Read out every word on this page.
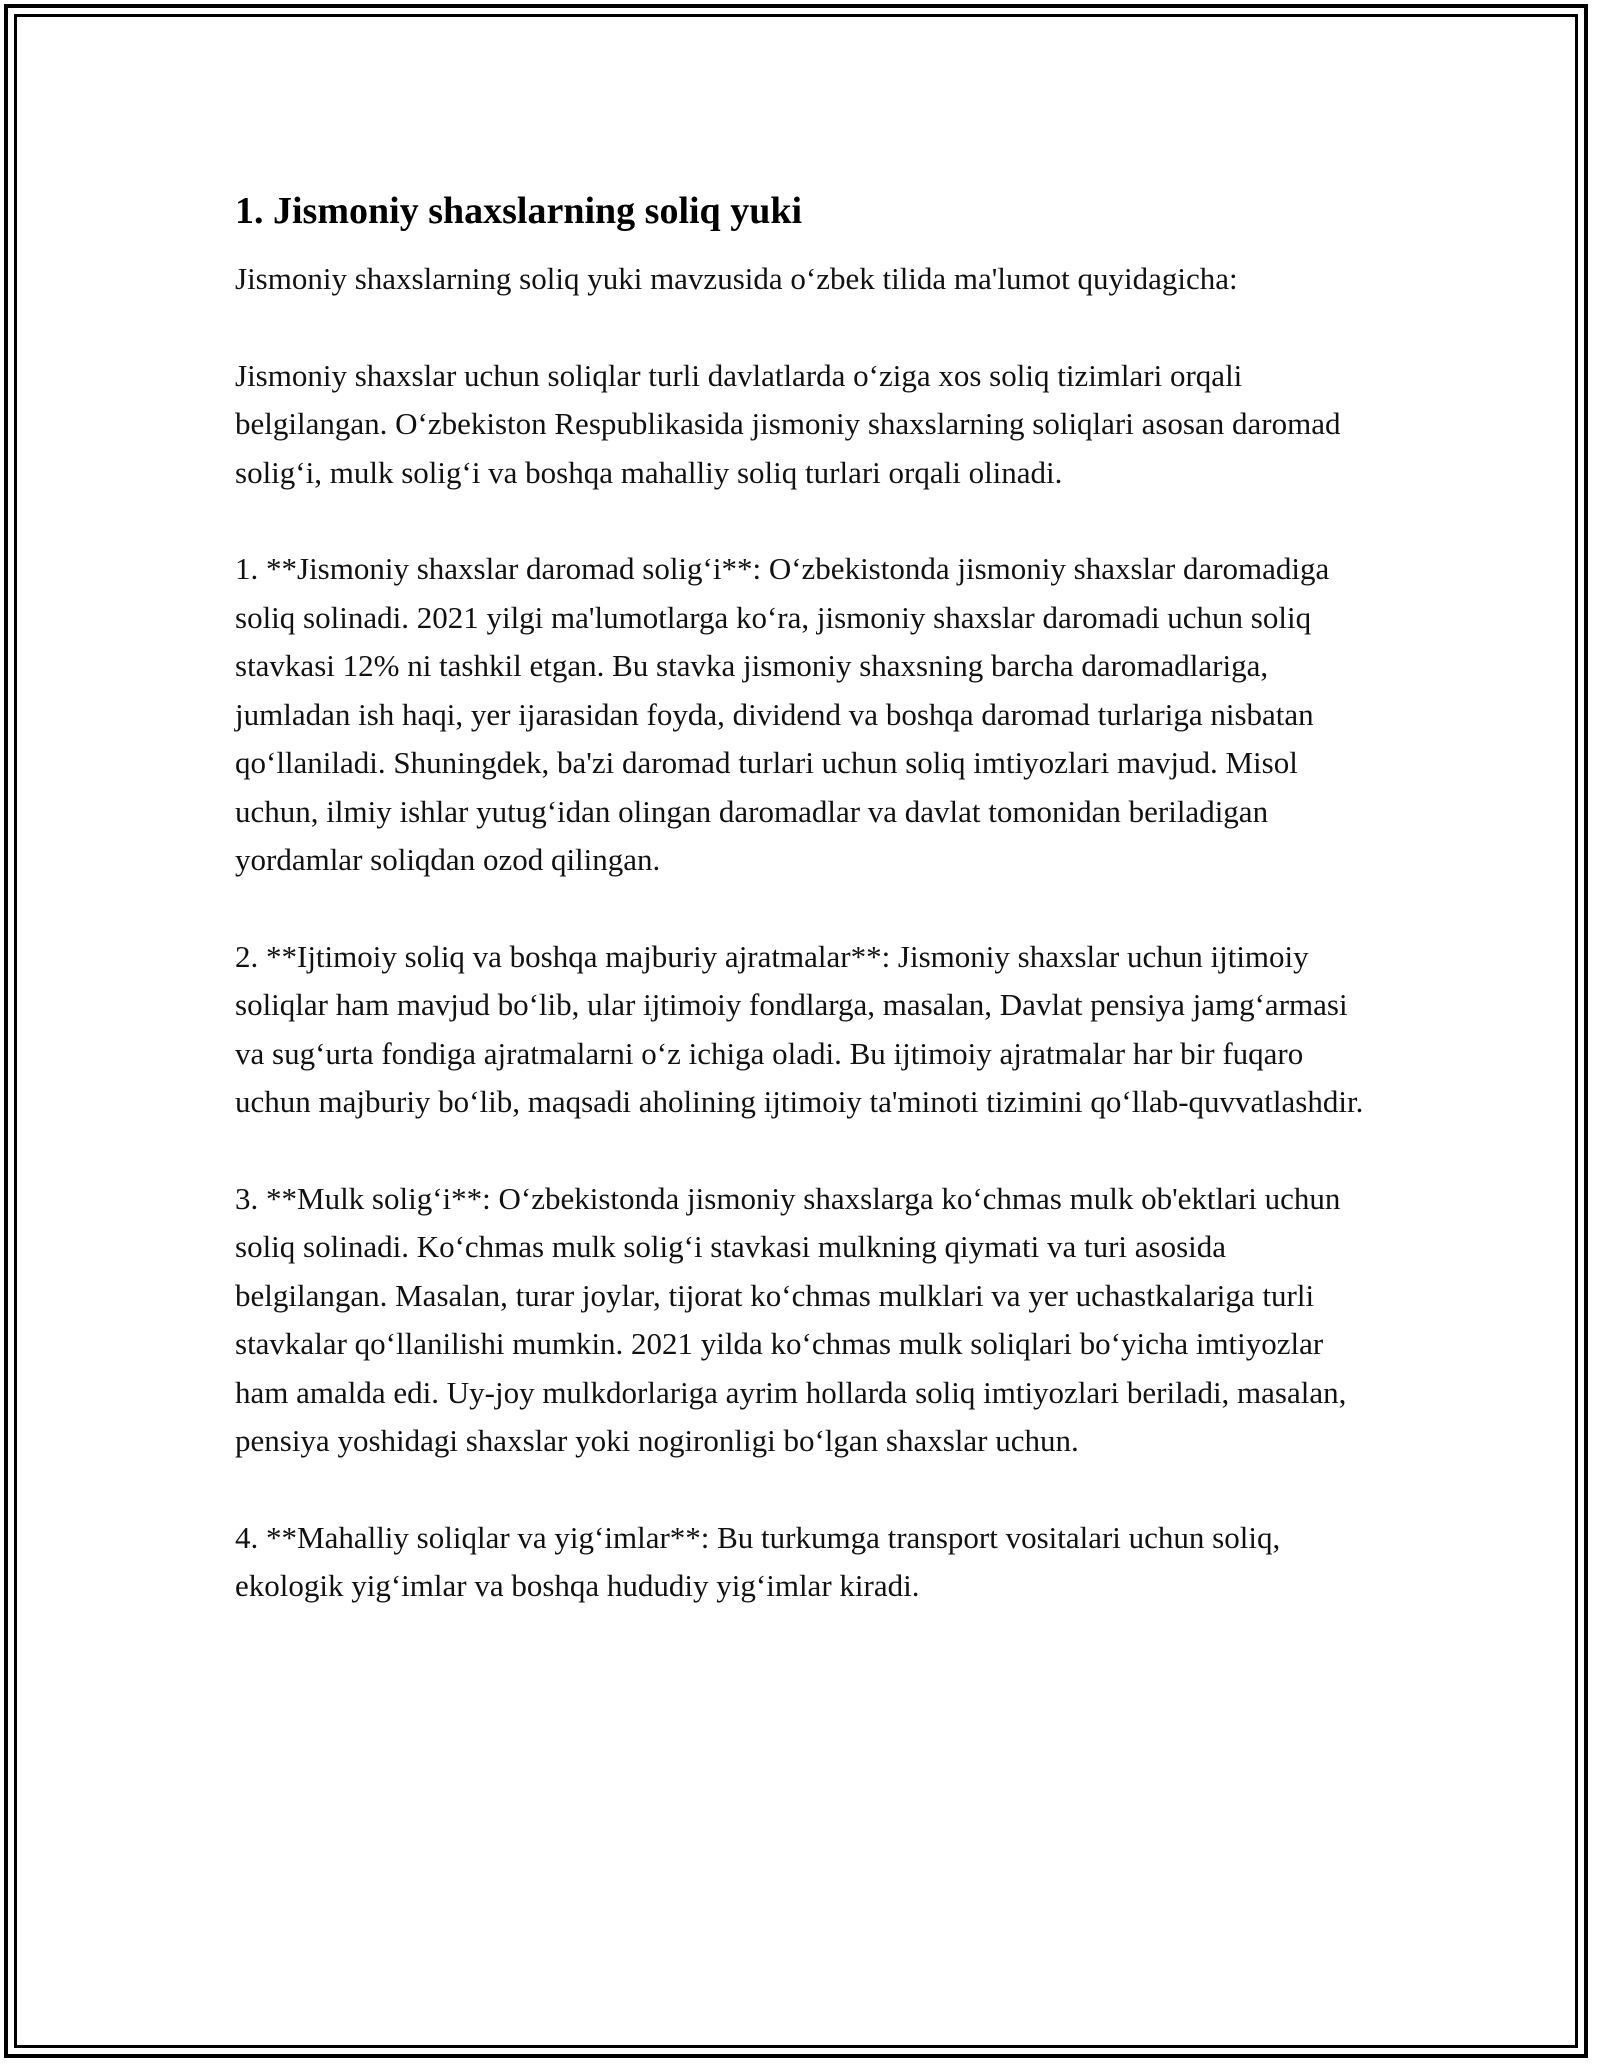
1. Jismoniy shaxslarning soliq yuki

Jismoniy shaxslarning soliq yuki mavzusida o‘zbek tilida ma'lumot quyidagicha:

Jismoniy shaxslar uchun soliqlar turli davlatlarda o‘ziga xos soliq tizimlari orqali belgilangan. O‘zbekiston Respublikasida jismoniy shaxslarning soliqlari asosan daromad solig‘i, mulk solig‘i va boshqa mahalliy soliq turlari orqali olinadi.

1. **Jismoniy shaxslar daromad solig‘i**: O‘zbekistonda jismoniy shaxslar daromadiga soliq solinadi. 2021 yilgi ma'lumotlarga ko‘ra, jismoniy shaxslar daromadi uchun soliq stavkasi 12% ni tashkil etgan. Bu stavka jismoniy shaxsning barcha daromadlariga, jumladan ish haqi, yer ijarasidan foyda, dividend va boshqa daromad turlariga nisbatan qo‘llaniladi. Shuningdek, ba'zi daromad turlari uchun soliq imtiyozlari mavjud. Misol uchun, ilmiy ishlar yutug‘idan olingan daromadlar va davlat tomonidan beriladigan yordamlar soliqdan ozod qilingan.

2. **Ijtimoiy soliq va boshqa majburiy ajratmalar**: Jismoniy shaxslar uchun ijtimoiy soliqlar ham mavjud bo‘lib, ular ijtimoiy fondlarga, masalan, Davlat pensiya jamg‘armasi va sug‘urta fondiga ajratmalarni o‘z ichiga oladi. Bu ijtimoiy ajratmalar har bir fuqaro uchun majburiy bo‘lib, maqsadi aholining ijtimoiy ta'minoti tizimini qo‘llab-quvvatlashdir.

3. **Mulk solig‘i**: O‘zbekistonda jismoniy shaxslarga ko‘chmas mulk ob'ektlari uchun soliq solinadi. Ko‘chmas mulk solig‘i stavkasi mulkning qiymati va turi asosida belgilangan. Masalan, turar joylar, tijorat ko‘chmas mulklari va yer uchastkalariga turli stavkalar qo‘llanilishi mumkin. 2021 yilda ko‘chmas mulk soliqlari bo‘yicha imtiyozlar ham amalda edi. Uy-joy mulkdorlariga ayrim hollarda soliq imtiyozlari beriladi, masalan, pensiya yoshidagi shaxslar yoki nogironligi bo‘lgan shaxslar uchun.

4. **Mahalliy soliqlar va yig‘imlar**: Bu turkumga transport vositalari uchun soliq, ekologik yig‘imlar va boshqa hududiy yig‘imlar kiradi.
